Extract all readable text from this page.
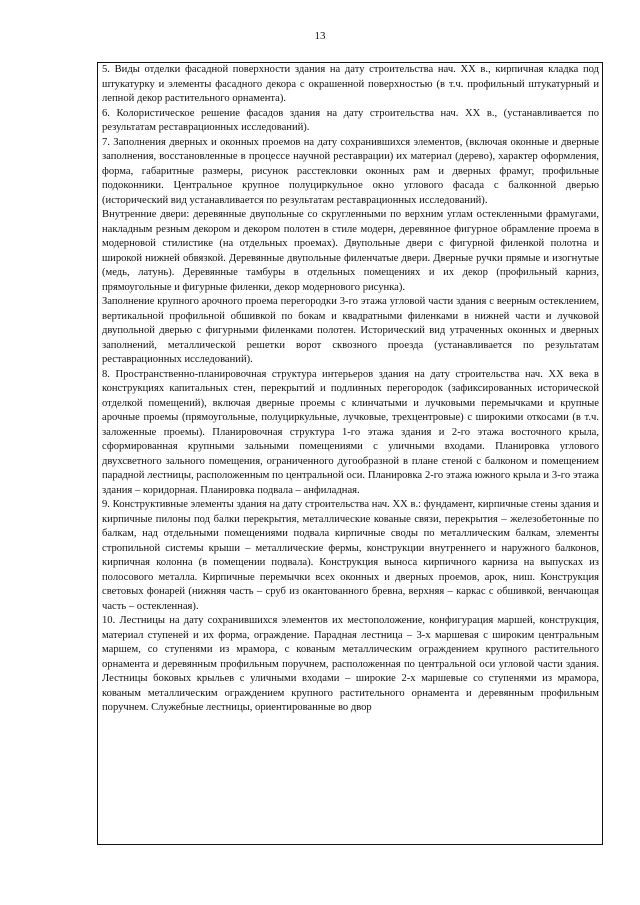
13
5. Виды отделки фасадной поверхности здания на дату строительства нач. XX в., кирпичная кладка под штукатурку и элементы фасадного декора с окрашенной поверхностью (в т.ч. профильный штукатурный и лепной декор растительного орнамента).
6. Колористическое решение фасадов здания на дату строительства нач. XX в., (устанавливается по результатам реставрационных исследований).
7. Заполнения дверных и оконных проемов на дату сохранившихся элементов, (включая оконные и дверные заполнения, восстановленные в процессе научной реставрации) их материал (дерево), характер оформления, форма, габаритные размеры, рисунок расстекловки оконных рам и дверных фрамуг, профильные подоконники. Центральное крупное полуциркульное окно углового фасада с балконной дверью (исторический вид устанавливается по результатам реставрационных исследований).
Внутренние двери: деревянные двупольные со скругленными по верхним углам остекленными фрамугами, накладным резным декором и декором полотен в стиле модерн, деревянное фигурное обрамление проема в модерновой стилистике (на отдельных проемах). Двупольные двери с фигурной филенкой полотна и широкой нижней обвязкой. Деревянные двупольные филенчатые двери. Дверные ручки прямые и изогнутые (медь, латунь). Деревянные тамбуры в отдельных помещениях и их декор (профильный карниз, прямоугольные и фигурные филенки, декор модернового рисунка).
Заполнение крупного арочного проема перегородки 3-го этажа угловой части здания с веерным остеклением, вертикальной профильной обшивкой по бокам и квадратными филенками в нижней части и лучковой двупольной дверью с фигурными филенками полотен. Исторический вид утраченных оконных и дверных заполнений, металлической решетки ворот сквозного проезда (устанавливается по результатам реставрационных исследований).
8. Пространственно-планировочная структура интерьеров здания на дату строительства нач. XX века в конструкциях капитальных стен, перекрытий и подлинных перегородок (зафиксированных исторической отделкой помещений), включая дверные проемы с клинчатыми и лучковыми перемычками и крупные арочные проемы (прямоугольные, полуциркульные, лучковые, трехцентровые) с широкими откосами (в т.ч. заложенные проемы). Планировочная структура 1-го этажа здания и 2-го этажа восточного крыла, сформированная крупными зальными помещениями с уличными входами. Планировка углового двухсветного зального помещения, ограниченного дугообразной в плане стеной с балконом и помещением парадной лестницы, расположенным по центральной оси. Планировка 2-го этажа южного крыла и 3-го этажа здания – коридорная. Планировка подвала – анфиладная.
9. Конструктивные элементы здания на дату строительства нач. XX в.: фундамент, кирпичные стены здания и кирпичные пилоны под балки перекрытия, металлические кованые связи, перекрытия – железобетонные по балкам, над отдельными помещениями подвала кирпичные своды по металлическим балкам, элементы стропильной системы крыши – металлические фермы, конструкции внутреннего и наружного балконов, кирпичная колонна (в помещении подвала). Конструкция выноса кирпичного карниза на выпусках из полосового металла. Кирпичные перемычки всех оконных и дверных проемов, арок, ниш. Конструкция световых фонарей (нижняя часть – сруб из окантованного бревна, верхняя – каркас с обшивкой, венчающая часть – остекленная).
10. Лестницы на дату сохранившихся элементов их местоположение, конфигурация маршей, конструкция, материал ступеней и их форма, ограждение. Парадная лестница – 3-х маршевая с широким центральным маршем, со ступенями из мрамора, с кованым металлическим ограждением крупного растительного орнамента и деревянным профильным поручнем, расположенная по центральной оси угловой части здания. Лестницы боковых крыльев с уличными входами – широкие 2-х маршевые со ступенями из мрамора, кованым металлическим ограждением крупного растительного орнамента и деревянным профильным поручнем. Служебные лестницы, ориентированные во двор
